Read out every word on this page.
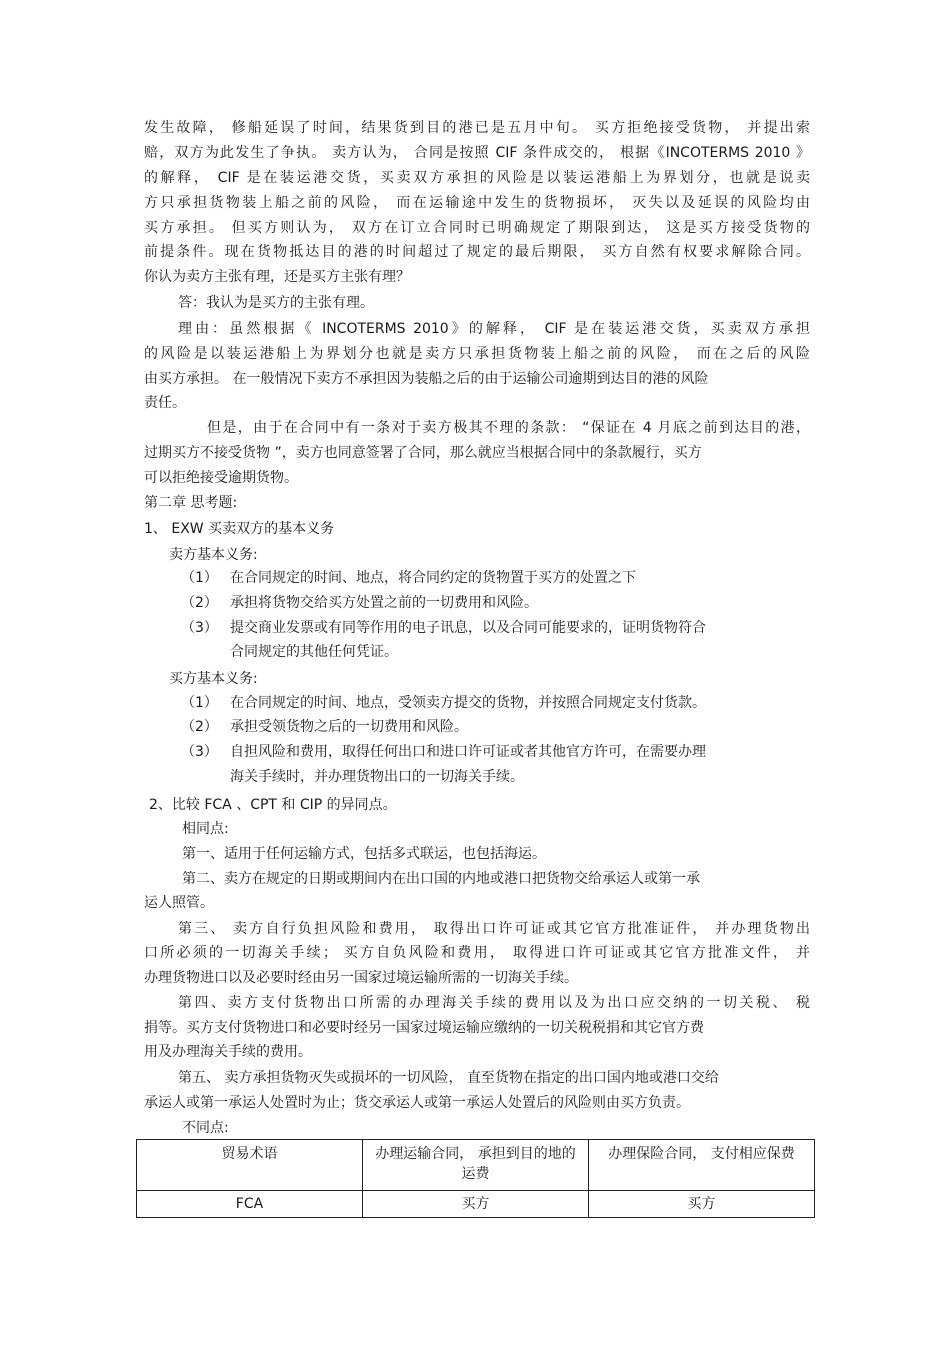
发生故障， 修船延误了时间，结果货到目的港已是五月中旬。 买方拒绝接受货物， 并提出索
赔，双方为此发生了争执。 卖方认为， 合同是按照 CIF 条件成交的， 根据《INCOTERMS 2010 》
的解释， CIF 是在装运港交货，买卖双方承担的风险是以装运港船上为界划分，也就是说卖
方只承担货物装上船之前的风险， 而在运输途中发生的货物损坏， 灭失以及延误的风险均由
买方承担。 但买方则认为， 双方在订立合同时已明确规定了期限到达， 这是买方接受货物的
前提条件。现在货物抵达目的港的时间超过了规定的最后期限， 买方自然有权要求解除合同。
你认为卖方主张有理，还是买方主张有理？
答：我认为是买方的主张有理。
理由：虽然根据《 INCOTERMS 2010》的解释， CIF 是在装运港交货，买卖双方承担
的风险是以装运港船上为界划分也就是卖方只承担货物装上船之前的风险， 而在之后的风险
由买方承担。 在一般情况下卖方不承担因为装船之后的由于运输公司逾期到达目的港的风险
责任。
但是，由于在合同中有一条对于卖方极其不理的条款： “保证在 4 月底之前到达目的港，
过期买方不接受货物 ”，卖方也同意签署了合同，那么就应当根据合同中的条款履行，买方
可以拒绝接受逾期货物。
第二章 思考题:
1、 EXW 买卖双方的基本义务
卖方基本义务:
（1） 在合同规定的时间、地点，将合同约定的货物置于买方的处置之下
（2） 承担将货物交给买方处置之前的一切费用和风险。
（3） 提交商业发票或有同等作用的电子讯息，以及合同可能要求的，证明货物符合
合同规定的其他任何凭证。
买方基本义务:
（1） 在合同规定的时间、地点，受领卖方提交的货物，并按照合同规定支付货款。
（2） 承担受领货物之后的一切费用和风险。
（3） 自担风险和费用，取得任何出口和进口许可证或者其他官方许可，在需要办理
海关手续时，并办理货物出口的一切海关手续。
2、比较 FCA 、CPT 和 CIP 的异同点。
相同点:
第一、适用于任何运输方式，包括多式联运，也包括海运。
第二、卖方在规定的日期或期间内在出口国的内地或港口把货物交给承运人或第一承
运人照管。
第三、 卖方自行负担风险和费用， 取得出口许可证或其它官方批准证件， 并办理货物出
口所必须的一切海关手续； 买方自负风险和费用， 取得进口许可证或其它官方批准文件， 并
办理货物进口以及必要时经由另一国家过境运输所需的一切海关手续。
第四、卖方支付货物出口所需的办理海关手续的费用以及为出口应交纳的一切关税、 税
捐等。买方支付货物进口和必要时经另一国家过境运输应缴纳的一切关税税捐和其它官方费
用及办理海关手续的费用。
第五、 卖方承担货物灭失或损坏的一切风险， 直至货物在指定的出口国内地或港口交给
承运人或第一承运人处置时为止；货交承运人或第一承运人处置后的风险则由买方负责。
不同点:
贸易术语	办理运输合同， 承担到目的地的运费	办理保险合同， 支付相应保费
FCA	买方	买方
